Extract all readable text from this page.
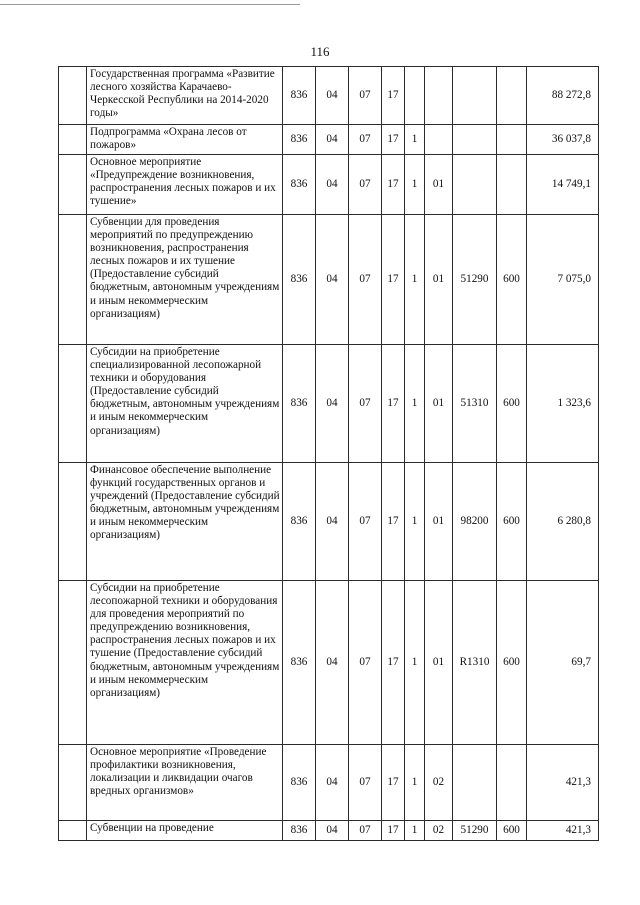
116
	Государственная программа «Развитие лесного хозяйства Карачаево-Черкесской Республики на 2014-2020 годы»	836	04	07	17					88 272,8
	Подпрограмма «Охрана лесов от пожаров»	836	04	07	17	1				36 037,8
	Основное мероприятие «Предупреждение возникновения, распространения лесных пожаров и их тушение»	836	04	07	17	1	01			14 749,1
	Субвенции для проведения мероприятий по предупреждению возникновения, распространения лесных пожаров и их тушение (Предоставление субсидий бюджетным, автономным учреждениям и иным некоммерческим организациям)	836	04	07	17	1	01	51290	600	7 075,0
	Субсидии на приобретение специализированной лесопожарной техники и оборудования (Предоставление субсидий бюджетным, автономным учреждениям и иным некоммерческим организациям)	836	04	07	17	1	01	51310	600	1 323,6
	Финансовое обеспечение выполнение функций государственных органов и учреждений (Предоставление субсидий бюджетным, автономным учреждениям и иным некоммерческим организациям)	836	04	07	17	1	01	98200	600	6 280,8
	Субсидии на приобретение лесопожарной техники и оборудования для проведения мероприятий по предупреждению возникновения, распространения лесных пожаров и их тушение (Предоставление субсидий бюджетным, автономным учреждениям и иным некоммерческим организациям)	836	04	07	17	1	01	R1310	600	69,7
	Основное мероприятие «Проведение профилактики возникновения, локализации и ликвидации очагов вредных организмов»	836	04	07	17	1	02			421,3
	Субвенции на проведение	836	04	07	17	1	02	51290	600	421,3
